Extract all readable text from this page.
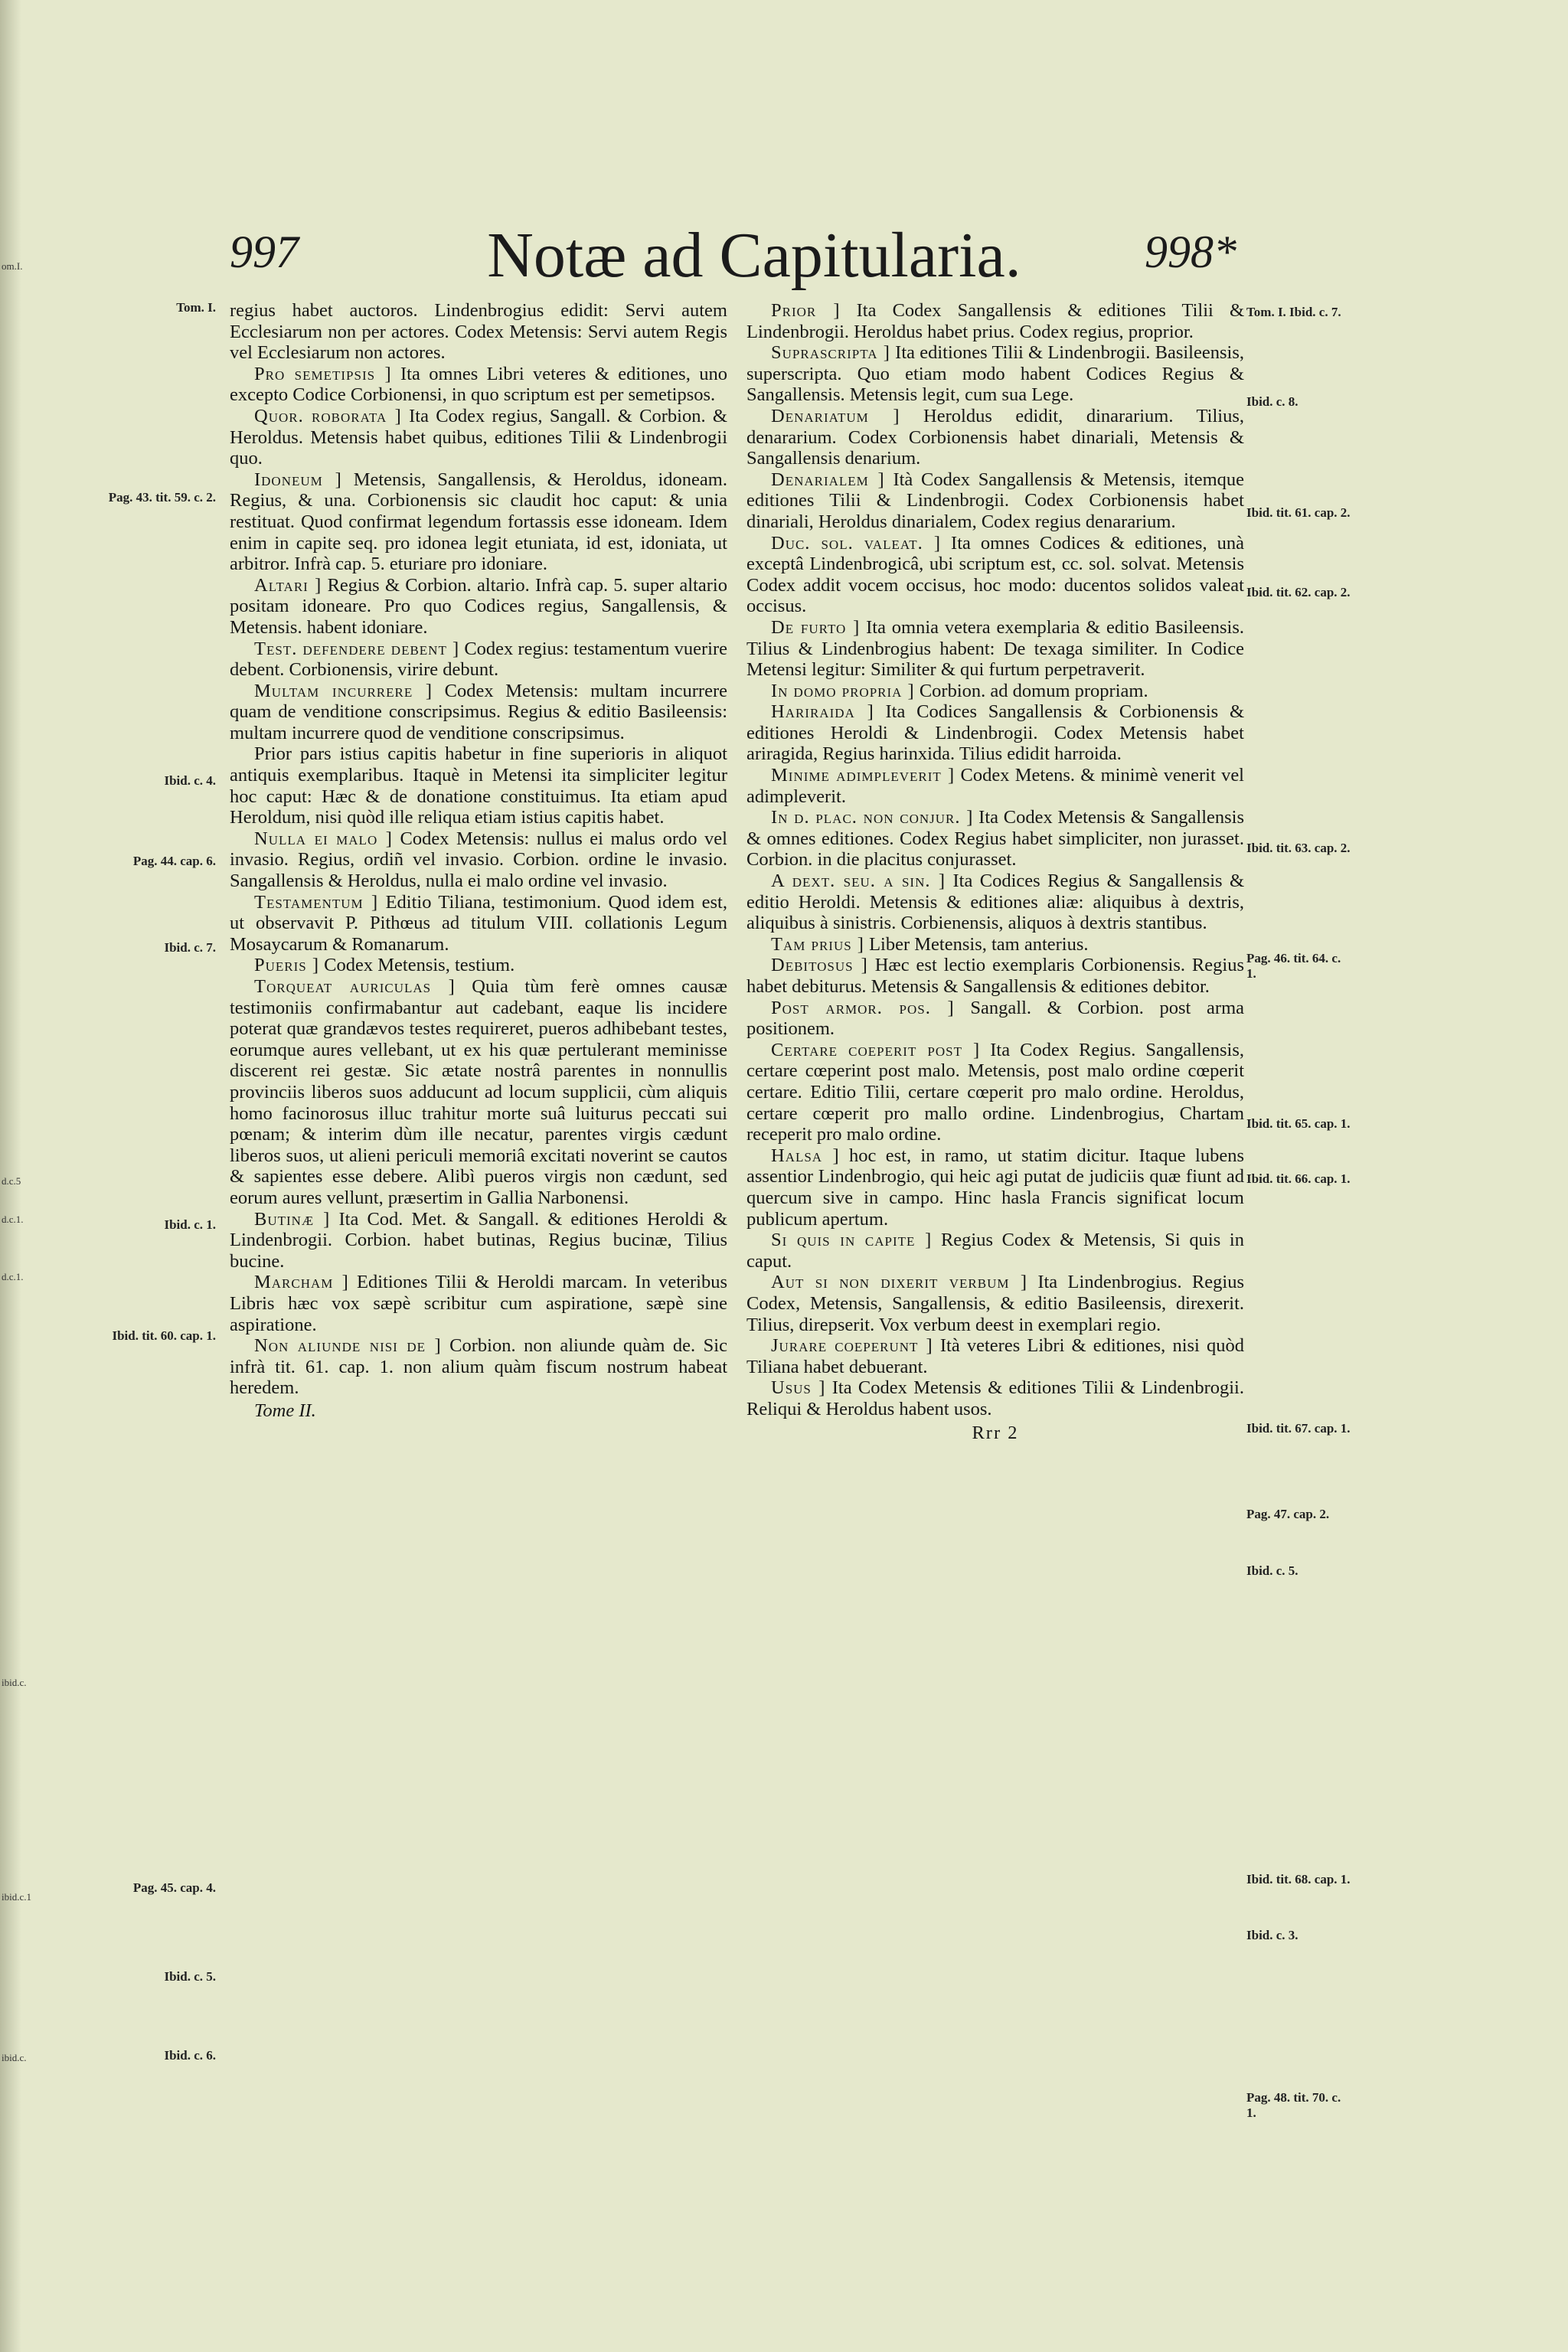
om.I.
d.c.5
d.c.1.
d.c.1.
ibid.c.
ibid.c.1
ibid.c.
997	Notæ ad Capitularia.	998*

regius habet auctoros. Lindenbrogius edidit: Servi autem Ecclesiarum non per actores. Codex Metensis: Servi autem Regis vel Ecclesiarum non actores.

Pro semetipsis ] Ita omnes Libri veteres & editiones, uno excepto Codice Corbionensi, in quo scriptum est per semetipsos.

Quor. roborata ] Ita Codex regius, Sangall. & Corbion. & Heroldus. Metensis habet quibus, editiones Tilii & Lindenbrogii quo.

Idoneum ] Metensis, Sangallensis, & Heroldus, idoneam. Regius, & una. Corbionensis sic claudit hoc caput: & unia restituat. Quod confirmat legendum fortassis esse idoneam. Idem enim in capite seq. pro idonea legit etuniata, id est, idoniata, ut arbitror. Infrà cap. 5. eturiare pro idoniare.

Altari ] Regius & Corbion. altario. Infrà cap. 5. super altario positam idoneare. Pro quo Codices regius, Sangallensis, & Metensis. habent idoniare.

Test. defendere debent ] Codex regius: testamentum vuerire debent. Corbionensis, virire debunt.

Multam incurrere ] Codex Metensis: multam incurrere quam de venditione conscripsimus. Regius & editio Basileensis: multam incurrere quod de venditione conscripsimus.

Prior pars istius capitis habetur in fine superioris in aliquot antiquis exemplaribus. Itaquè in Metensi ita simpliciter legitur hoc caput: Hæc & de donatione constituimus. Ita etiam apud Heroldum, nisi quòd ille reliqua etiam istius capitis habet.

Nulla ei malo ] Codex Metensis: nullus ei malus ordo vel invasio. Regius, ordiñ vel invasio. Corbion. ordine le invasio. Sangallensis & Heroldus, nulla ei malo ordine vel invasio.

Testamentum ] Editio Tiliana, testimonium. Quod idem est, ut observavit P. Pithœus ad titulum VIII. collationis Legum Mosaycarum & Romanarum.

Pueris ] Codex Metensis, testium.

Torqueat auriculas ] Quia tùm ferè omnes causæ testimoniis confirmabantur aut cadebant, eaque lis incidere poterat quæ grandævos testes requireret, pueros adhibebant testes, eorumque aures vellebant, ut ex his quæ pertulerant meminisse discerent rei gestæ. Sic ætate nostrâ parentes in nonnullis provinciis liberos suos adducunt ad locum supplicii, cùm aliquis homo facinorosus illuc trahitur morte suâ luiturus peccati sui pœnam; & interim dùm ille necatur, parentes virgis cædunt liberos suos, ut alieni periculi memoriâ excitati noverint se cautos & sapientes esse debere. Alibì pueros virgis non cædunt, sed eorum aures vellunt, præsertim in Gallia Narbonensi.

Butinæ ] Ita Cod. Met. & Sangall. & editiones Heroldi & Lindenbrogii. Corbion. habet butinas, Regius bucinæ, Tilius bucine.

Marcham ] Editiones Tilii & Heroldi marcam. In veteribus Libris hæc vox sæpè scribitur cum aspiratione, sæpè sine aspiratione.

Non aliunde nisi de ] Corbion. non aliunde quàm de. Sic infrà tit. 61. cap. 1. non alium quàm fiscum nostrum habeat heredem.

Tome II.

Prior ] Ita Codex Sangallensis & editiones Tilii & Lindenbrogii. Heroldus habet prius. Codex regius, proprior.

Suprascripta ] Ita editiones Tilii & Lindenbrogii. Basileensis, superscripta. Quo etiam modo habent Codices Regius & Sangallensis. Metensis legit, cum sua Lege.

Denariatum ] Heroldus edidit, dinararium. Tilius, denararium. Codex Corbionensis habet dinariali, Metensis & Sangallensis denarium.

Denarialem ] Ità Codex Sangallensis & Metensis, itemque editiones Tilii & Lindenbrogii. Codex Corbionensis habet dinariali, Heroldus dinarialem, Codex regius denararium.

Duc. sol. valeat. ] Ita omnes Codices & editiones, unà exceptâ Lindenbrogicâ, ubi scriptum est, cc. sol. solvat. Metensis Codex addit vocem occisus, hoc modo: ducentos solidos valeat occisus.

De furto ] Ita omnia vetera exemplaria & editio Basileensis. Tilius & Lindenbrogius habent: De texaga similiter. In Codice Metensi legitur: Similiter & qui furtum perpetraverit.

In domo propria ] Corbion. ad domum propriam.

Hariraida ] Ita Codices Sangallensis & Corbionensis & editiones Heroldi & Lindenbrogii. Codex Metensis habet ariragida, Regius harinxida. Tilius edidit harroida.

Minime adimpleverit ] Codex Metens. & minimè venerit vel adimpleverit.

In d. plac. non conjur. ] Ita Codex Metensis & Sangallensis & omnes editiones. Codex Regius habet simpliciter, non jurasset. Corbion. in die placitus conjurasset.

A dext. seu. a sin. ] Ita Codices Regius & Sangallensis & editio Heroldi. Metensis & editiones aliæ: aliquibus à dextris, aliquibus à sinistris. Corbienensis, aliquos à dextris stantibus.

Tam prius ] Liber Metensis, tam anterius.

Debitosus ] Hæc est lectio exemplaris Corbionensis. Regius habet debiturus. Metensis & Sangallensis & editiones debitor.

Post armor. pos. ] Sangall. & Corbion. post arma positionem.

Certare coeperit post ] Ita Codex Regius. Sangallensis, certare cœperint post malo. Metensis, post malo ordine cœperit certare. Editio Tilii, certare cœperit pro malo ordine. Heroldus, certare cœperit pro mallo ordine. Lindenbrogius, Chartam receperit pro malo ordine.

Halsa ] hoc est, in ramo, ut statim dicitur. Itaque lubens assentior Lindenbrogio, qui heic agi putat de judiciis quæ fiunt ad quercum sive in campo. Hinc hasla Francis significat locum publicum apertum.

Si quis in capite ] Regius Codex & Metensis, Si quis in caput.

Aut si non dixerit verbum ] Ita Lindenbrogius. Regius Codex, Metensis, Sangallensis, & editio Basileensis, direxerit. Tilius, direpserit. Vox verbum deest in exemplari regio.

Jurare coeperunt ] Ità veteres Libri & editiones, nisi quòd Tiliana habet debuerant.

Usus ] Ita Codex Metensis & editiones Tilii & Lindenbrogii. Reliqui & Heroldus habent usos.

Rrr 2
Tom. I.
Pag. 43. tit. 59. c. 2.
Ibid. c. 4.
Pag. 44. cap. 6.
Ibid. c. 7.
Ibid. c. 1.
Ibid. tit. 60. cap. 1.
Pag. 45. cap. 4.
Ibid. c. 5.
Ibid. c. 6.
Tom. I. Ibid. c. 7.
Ibid. c. 8.
Ibid. tit. 61. cap. 2.
Ibid. tit. 62. cap. 2.
Ibid. tit. 63. cap. 2.
Pag. 46. tit. 64. c. 1.
Ibid. tit. 65. cap. 1.
Ibid. tit. 66. cap. 1.
Ibid. tit. 67. cap. 1.
Pag. 47. cap. 2.
Ibid. c. 5.
Ibid. tit. 68. cap. 1.
Ibid. c. 3.
Pag. 48. tit. 70. c. 1.
